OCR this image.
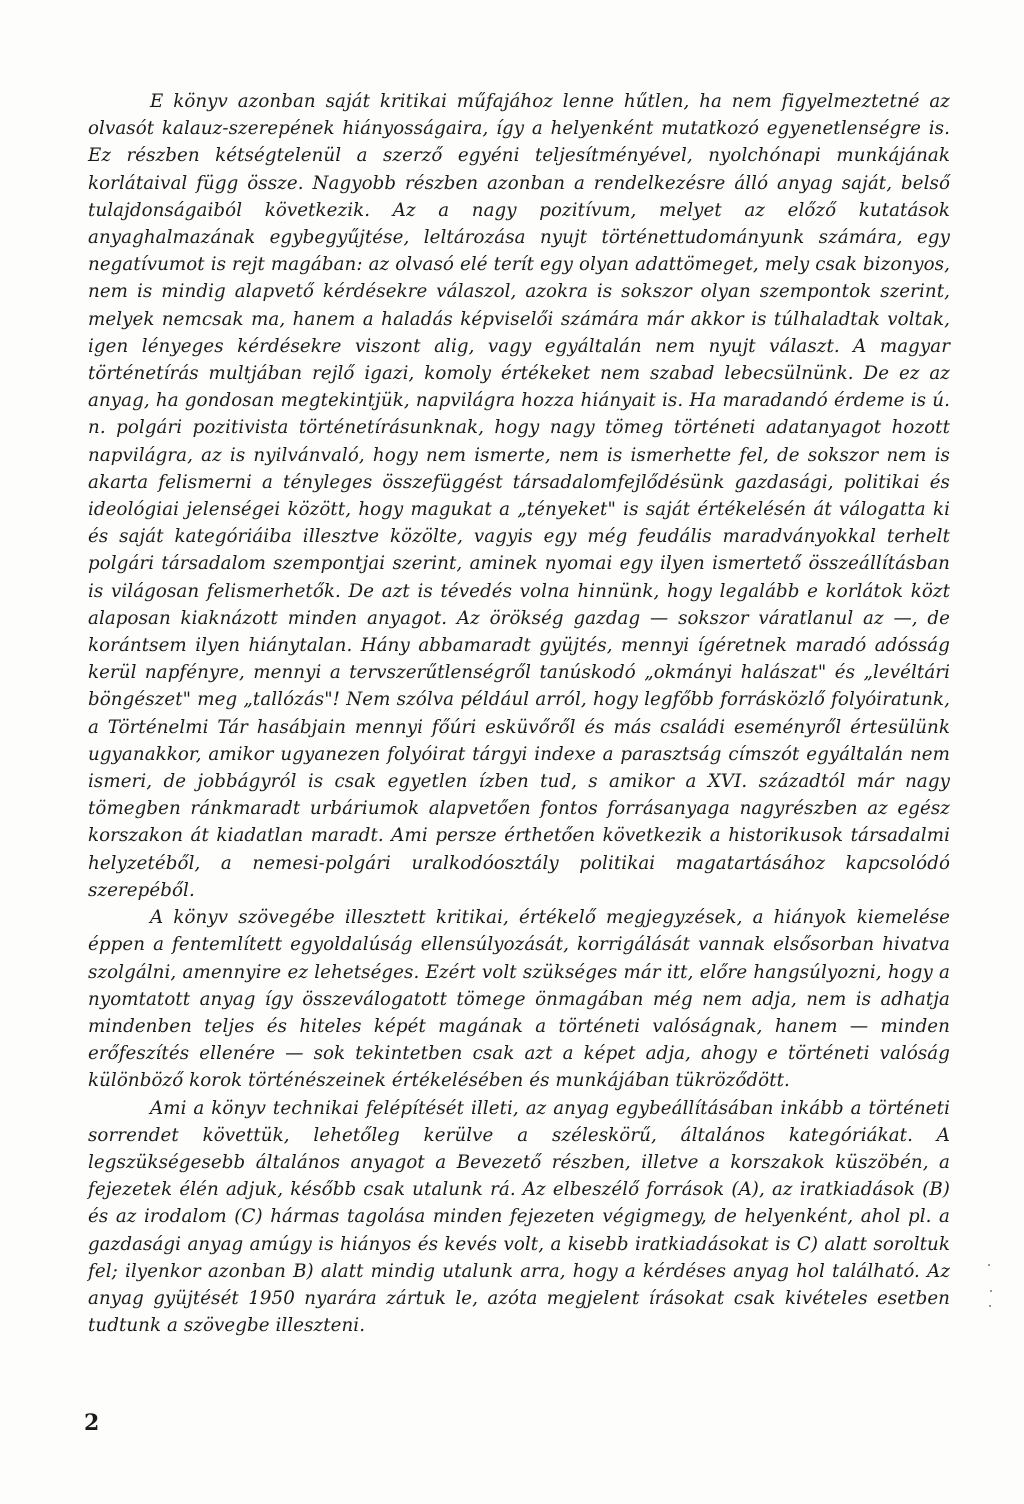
E könyv azonban saját kritikai műfajához lenne hűtlen, ha nem figyelmeztetné az olvasót kalauz-szerepének hiányosságaira, így a helyenként mutatkozó egyenetlenségre is. Ez részben kétségtelenül a szerző egyéni teljesítményével, nyolchónapi munkájának korlátaival függ össze. Nagyobb részben azonban a rendelkezésre álló anyag saját, belső tulajdonságaiból következik. Az a nagy pozitívum, melyet az előző kutatások anyaghalmazának egybegyűjtése, leltározása nyujt történettudományunk számára, egy negatívumot is rejt magában: az olvasó elé terít egy olyan adattömeget, mely csak bizonyos, nem is mindig alapvető kérdésekre válaszol, azokra is sokszor olyan szempontok szerint, melyek nemcsak ma, hanem a haladás képviselői számára már akkor is túlhaladtak voltak, igen lényeges kérdésekre viszont alig, vagy egyáltalán nem nyujt választ. A magyar történetírás multjában rejlő igazi, komoly értékeket nem szabad lebecsülnünk. De ez az anyag, ha gondosan megtekintjük, napvilágra hozza hiányait is. Ha maradandó érdeme is ú. n. polgári pozitivista történetírásunknak, hogy nagy tömeg történeti adatanyagot hozott napvilágra, az is nyilvánvaló, hogy nem ismerte, nem is ismerhette fel, de sokszor nem is akarta felismerni a tényleges összefüggést társadalomfejlődésünk gazdasági, politikai és ideológiai jelenségei között, hogy magukat a „tényeket" is saját értékelésén át válogatta ki és saját kategóriáiba illesztve közölte, vagyis egy még feudális maradványokkal terhelt polgári társadalom szempontjai szerint, aminek nyomai egy ilyen ismertető összeállításban is világosan felismerhetők. De azt is tévedés volna hinnünk, hogy legalább e korlátok közt alaposan kiaknázott minden anyagot. Az örökség gazdag — sokszor váratlanul az —, de korántsem ilyen hiánytalan. Hány abbamaradt gyüjtés, mennyi ígéretnek maradó adósság kerül napfényre, mennyi a tervszerűtlenségről tanúskodó „okmányi halászat" és „levéltári böngészet" meg „tallózás"! Nem szólva például arról, hogy legfőbb forrásközlő folyóiratunk, a Történelmi Tár hasábjain mennyi főúri esküvőről és más családi eseményről értesülünk ugyanakkor, amikor ugyanezen folyóirat tárgyi indexe a parasztság címszót egyáltalán nem ismeri, de jobbágyról is csak egyetlen ízben tud, s amikor a XVI. századtól már nagy tömegben ránkmaradt urbáriumok alapvetően fontos forrásanyaga nagyrészben az egész korszakon át kiadatlan maradt. Ami persze érthetően következik a historikusok társadalmi helyzetéből, a nemesi-polgári uralkodóosztály politikai magatartásához kapcsolódó szerepéből.

A könyv szövegébe illesztett kritikai, értékelő megjegyzések, a hiányok kiemelése éppen a fentemlített egyoldalúság ellensúlyozását, korrigálását vannak elsősorban hivatva szolgálni, amennyire ez lehetséges. Ezért volt szükséges már itt, előre hangsúlyozni, hogy a nyomtatott anyag így összeválogatott tömege önmagában még nem adja, nem is adhatja mindenben teljes és hiteles képét magának a történeti valóságnak, hanem — minden erőfeszítés ellenére — sok tekintetben csak azt a képet adja, ahogy e történeti valóság különböző korok történészeinek értékelésében és munkájában tükröződött.

Ami a könyv technikai felépítését illeti, az anyag egybeállításában inkább a történeti sorrendet követtük, lehetőleg kerülve a széleskörű, általános kategóriákat. A legszükségesebb általános anyagot a Bevezető részben, illetve a korszakok küszöbén, a fejezetek élén adjuk, később csak utalunk rá. Az elbeszélő források (A), az iratkiadások (B) és az irodalom (C) hármas tagolása minden fejezeten végigmegy, de helyenként, ahol pl. a gazdasági anyag amúgy is hiányos és kevés volt, a kisebb iratkiadásokat is C) alatt soroltuk fel; ilyenkor azonban B) alatt mindig utalunk arra, hogy a kérdéses anyag hol található. Az anyag gyüjtését 1950 nyarára zártuk le, azóta megjelent írásokat csak kivételes esetben tudtunk a szövegbe illeszteni.

2
